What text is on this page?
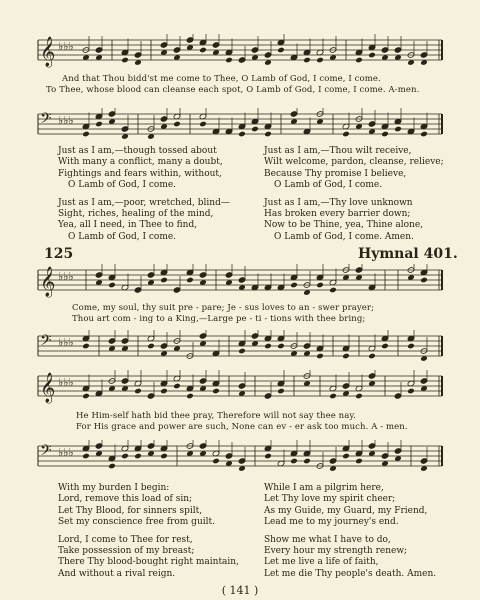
𝄞 ♭♭♭
And that Thou bidd'st me come to Thee, O Lamb of God, I come, I come.
To Thee, whose blood can cleanse each spot, O Lamb of God, I come, I come. A-men.
𝄢 ♭♭♭
Just as I am,—though tossed about
With many a conflict, many a doubt,
Fightings and fears within, without,
O Lamb of God, I come.
Just as I am,—poor, wretched, blind—
Sight, riches, healing of the mind,
Yea, all I need, in Thee to find,
O Lamb of God, I come.
Just as I am,—Thou wilt receive,
Wilt welcome, pardon, cleanse, relieve;
Because Thy promise I believe,
O Lamb of God, I come.
Just as I am,—Thy love unknown
Has broken every barrier down;
Now to be Thine, yea, Thine alone,
O Lamb of God, I come. Amen.
125	Hymnal 401.
𝄞 ♭♭♭
Come, my soul, thy suit pre - pare; Je - sus loves to an - swer prayer;
Thou art com - ing to a King,—Large pe - ti - tions with thee bring;
𝄢 ♭♭♭
𝄞 ♭♭♭
He Him-self hath bid thee pray, Therefore will not say thee nay.
For His grace and power are such, None can ev - er ask too much. A - men.
𝄢 ♭♭♭
With my burden I begin:
Lord, remove this load of sin;
Let Thy Blood, for sinners spilt,
Set my conscience free from guilt.
Lord, I come to Thee for rest,
Take possession of my breast;
There Thy blood-bought right maintain,
And without a rival reign.
While I am a pilgrim here,
Let Thy love my spirit cheer;
As my Guide, my Guard, my Friend,
Lead me to my journey's end.
Show me what I have to do,
Every hour my strength renew;
Let me live a life of faith,
Let me die Thy people's death. Amen.
( 141 )
